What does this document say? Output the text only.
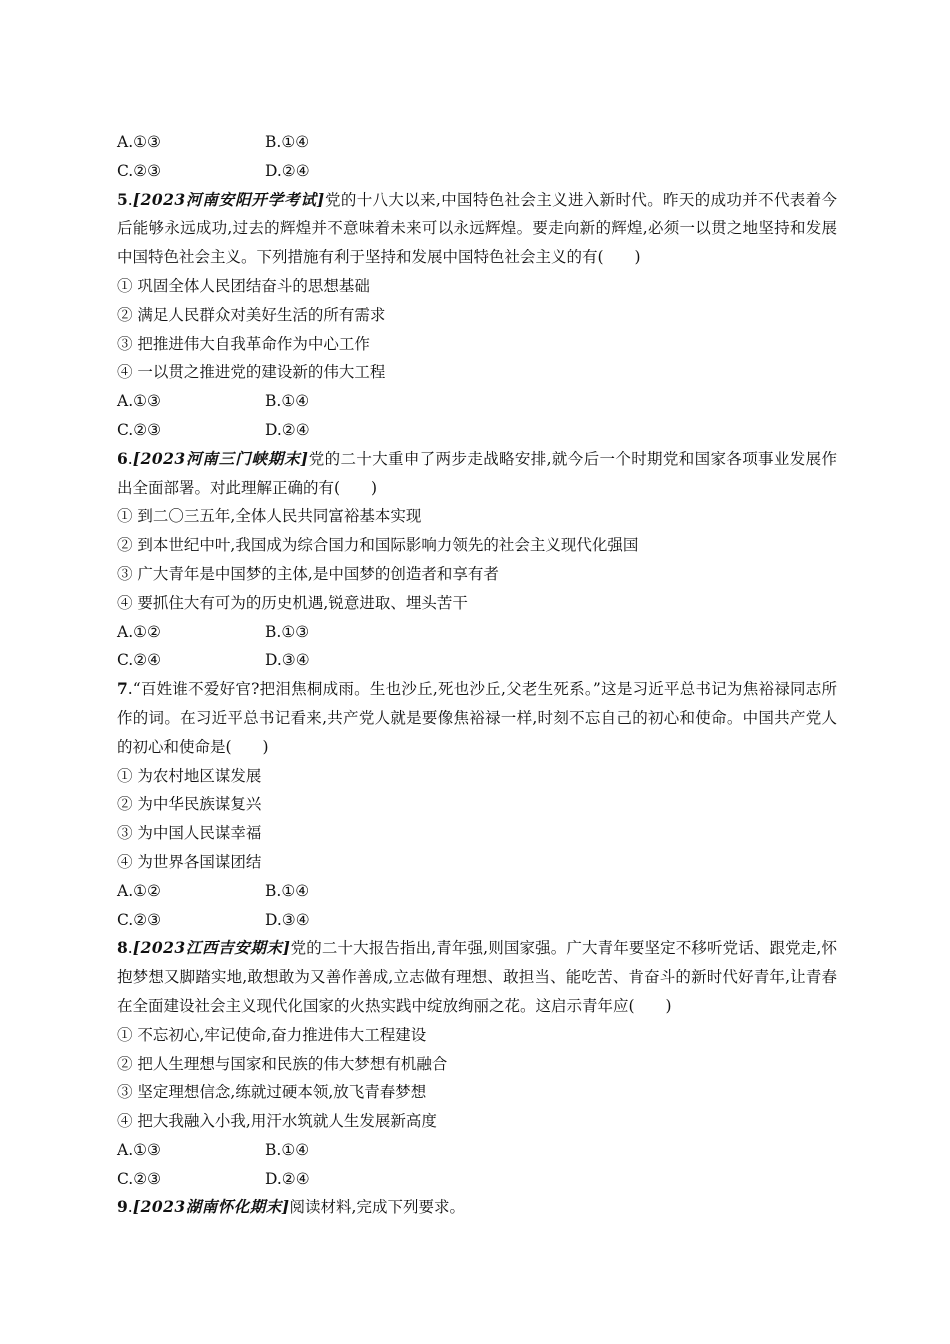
A.①③	B.①④
C.②③	D.②④
5.[2023河南安阳开学考试]党的十八大以来,中国特色社会主义进入新时代。昨天的成功并不代表着今后能够永远成功,过去的辉煌并不意味着未来可以永远辉煌。要走向新的辉煌,必须一以贯之地坚持和发展中国特色社会主义。下列措施有利于坚持和发展中国特色社会主义的有(　　)
① 巩固全体人民团结奋斗的思想基础
② 满足人民群众对美好生活的所有需求
③ 把推进伟大自我革命作为中心工作
④ 一以贯之推进党的建设新的伟大工程
A.①③	B.①④
C.②③	D.②④
6.[2023河南三门峡期末]党的二十大重申了两步走战略安排,就今后一个时期党和国家各项事业发展作出全面部署。对此理解正确的有(　　)
① 到二〇三五年,全体人民共同富裕基本实现
② 到本世纪中叶,我国成为综合国力和国际影响力领先的社会主义现代化强国
③ 广大青年是中国梦的主体,是中国梦的创造者和享有者
④ 要抓住大有可为的历史机遇,锐意进取、埋头苦干
A.①②	B.①③
C.②④	D.③④
7.“百姓谁不爱好官?把泪焦桐成雨。生也沙丘,死也沙丘,父老生死系。”这是习近平总书记为焦裕禄同志所作的词。在习近平总书记看来,共产党人就是要像焦裕禄一样,时刻不忘自己的初心和使命。中国共产党人的初心和使命是(　　)
① 为农村地区谋发展
② 为中华民族谋复兴
③ 为中国人民谋幸福
④ 为世界各国谋团结
A.①②	B.①④
C.②③	D.③④
8.[2023江西吉安期末]党的二十大报告指出,青年强,则国家强。广大青年要坚定不移听党话、跟党走,怀抱梦想又脚踏实地,敢想敢为又善作善成,立志做有理想、敢担当、能吃苦、肯奋斗的新时代好青年,让青春在全面建设社会主义现代化国家的火热实践中绽放绚丽之花。这启示青年应(　　)
① 不忘初心,牢记使命,奋力推进伟大工程建设
② 把人生理想与国家和民族的伟大梦想有机融合
③ 坚定理想信念,练就过硬本领,放飞青春梦想
④ 把大我融入小我,用汗水筑就人生发展新高度
A.①③	B.①④
C.②③	D.②④
9.[2023湖南怀化期末]阅读材料,完成下列要求。
